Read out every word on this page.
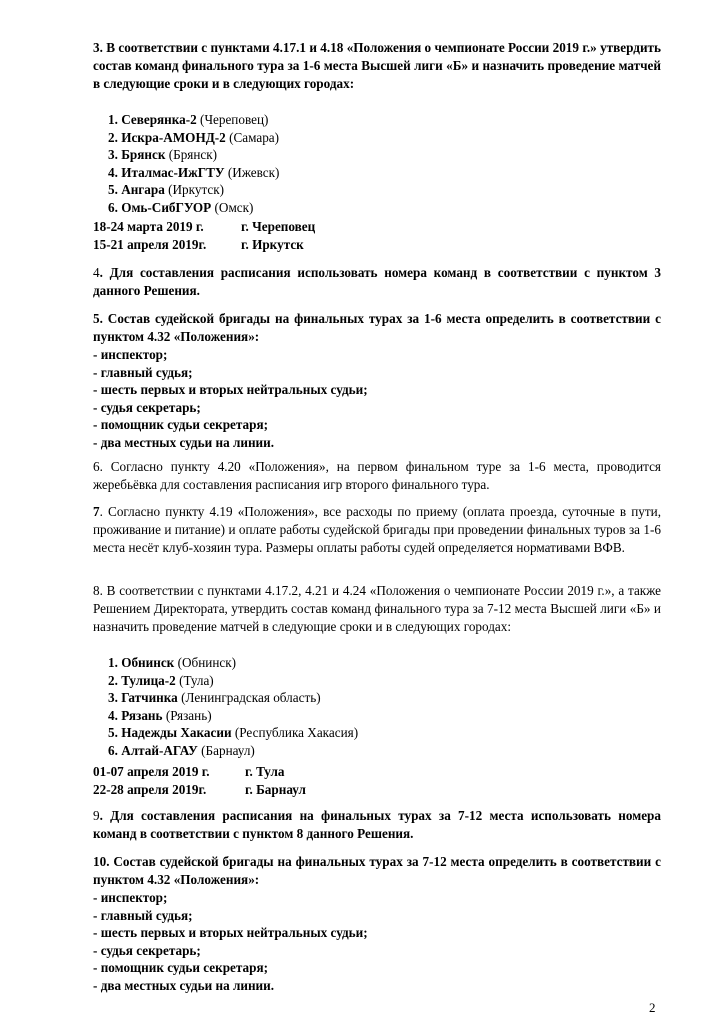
3. В соответствии с пунктами 4.17.1 и 4.18 «Положения о чемпионате России 2019 г.» утвердить состав команд финального тура за 1-6 места Высшей лиги «Б» и назначить проведение матчей в следующие сроки и в следующих городах:
1. Северянка-2 (Череповец)
2. Искра-АМОНД-2 (Самара)
3. Брянск (Брянск)
4. Италмас-ИжГТУ (Ижевск)
5. Ангара (Иркутск)
6. Омь-СибГУОР (Омск)
18-24 марта 2019 г.	г. Череповец
15-21 апреля 2019г.	г. Иркутск
4. Для составления расписания использовать номера команд в соответствии с пунктом 3 данного Решения.
5. Состав судейской бригады на финальных турах за 1-6 места определить в соответствии с пунктом 4.32 «Положения»:
- инспектор;
- главный судья;
- шесть первых и вторых нейтральных судьи;
- судья секретарь;
- помощник судьи секретаря;
- два местных судьи на линии.
6. Согласно пункту 4.20 «Положения», на первом финальном туре за 1-6 места, проводится жеребьёвка для составления расписания игр второго финального тура.
7. Согласно пункту 4.19 «Положения», все расходы по приему (оплата проезда, суточные в пути, проживание и питание) и оплате работы судейской бригады при проведении финальных туров за 1-6 места несёт клуб-хозяин тура. Размеры оплаты работы судей определяется нормативами ВФВ.
8. В соответствии с пунктами 4.17.2, 4.21 и 4.24 «Положения о чемпионате России 2019 г.», а также Решением Директората, утвердить состав команд финального тура за 7-12 места Высшей лиги «Б» и назначить проведение матчей в следующие сроки и в следующих городах:
1. Обнинск (Обнинск)
2. Тулица-2 (Тула)
3. Гатчинка (Ленинградская область)
4. Рязань (Рязань)
5. Надежды Хакасии (Республика Хакасия)
6. Алтай-АГАУ (Барнаул)
01-07 апреля 2019 г.	г. Тула
22-28 апреля 2019г.	г. Барнаул
9. Для составления расписания на финальных турах за 7-12 места использовать номера команд в соответствии с пунктом 8 данного Решения.
10. Состав судейской бригады на финальных турах за 7-12 места определить в соответствии с пунктом 4.32 «Положения»:
- инспектор;
- главный судья;
- шесть первых и вторых нейтральных судьи;
- судья секретарь;
- помощник судьи секретаря;
- два местных судьи на линии.
2
